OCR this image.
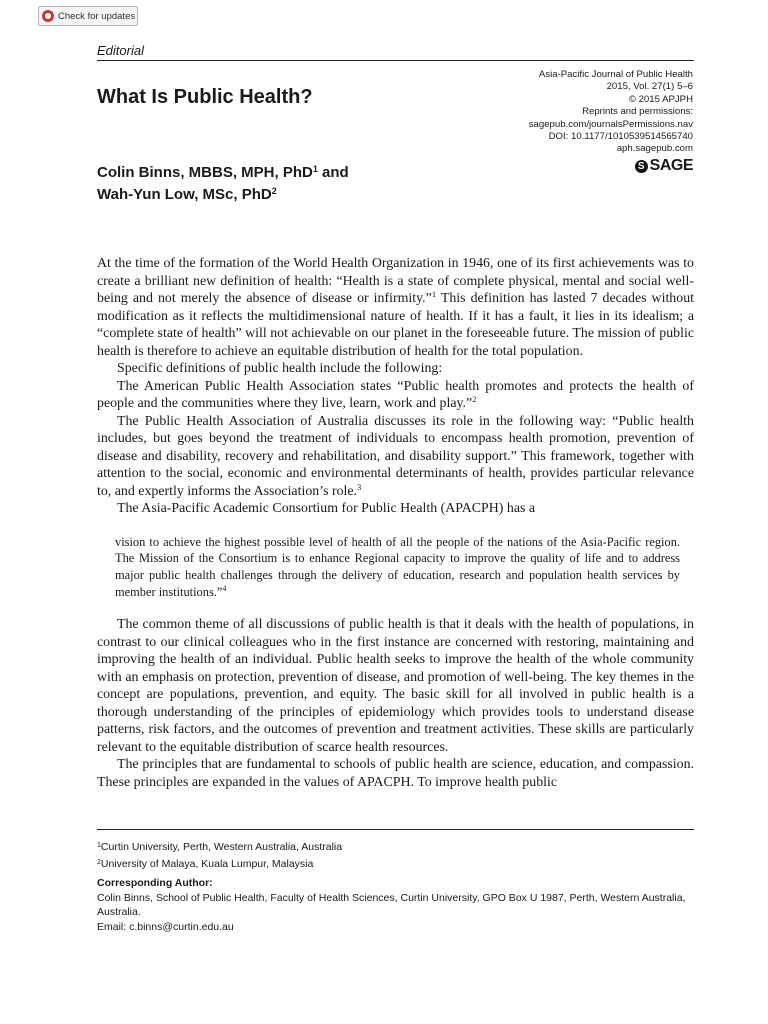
Check for updates
Editorial
What Is Public Health?
Asia-Pacific Journal of Public Health
2015, Vol. 27(1) 5–6
© 2015 APJPH
Reprints and permissions:
sagepub.com/journalsPermissions.nav
DOI: 10.1177/1010539514565740
aph.sagepub.com
S SAGE
Colin Binns, MBBS, MPH, PhD$^1$ and
Wah-Yun Low, MSc, PhD$^2$

At the time of the formation of the World Health Organization in 1946, one of its first achievements was to create a brilliant new definition of health: “Health is a state of complete physical, mental and social well-being and not merely the absence of disease or infirmity.”$^1$ This definition has lasted 7 decades without modification as it reflects the multidimensional nature of health. If it has a fault, it lies in its idealism; a “complete state of health” will not achievable on our planet in the foreseeable future. The mission of public health is therefore to achieve an equitable distribution of health for the total population.

Specific definitions of public health include the following:

The American Public Health Association states “Public health promotes and protects the health of people and the communities where they live, learn, work and play.”$^2$

The Public Health Association of Australia discusses its role in the following way: “Public health includes, but goes beyond the treatment of individuals to encompass health promotion, prevention of disease and disability, recovery and rehabilitation, and disability support.” This framework, together with attention to the social, economic and environmental determinants of health, provides particular relevance to, and expertly informs the Association’s role.$^3$

The Asia-Pacific Academic Consortium for Public Health (APACPH) has a

vision to achieve the highest possible level of health of all the people of the nations of the Asia-Pacific region. The Mission of the Consortium is to enhance Regional capacity to improve the quality of life and to address major public health challenges through the delivery of education, research and population health services by member institutions.”$^4$

The common theme of all discussions of public health is that it deals with the health of populations, in contrast to our clinical colleagues who in the first instance are concerned with restoring, maintaining and improving the health of an individual. Public health seeks to improve the health of the whole community with an emphasis on protection, prevention of disease, and promotion of well-being. The key themes in the concept are populations, prevention, and equity. The basic skill for all involved in public health is a thorough understanding of the principles of epidemiology which provides tools to understand disease patterns, risk factors, and the outcomes of prevention and treatment activities. These skills are particularly relevant to the equitable distribution of scarce health resources.

The principles that are fundamental to schools of public health are science, education, and compassion. These principles are expanded in the values of APACPH. To improve health public

$^1$Curtin University, Perth, Western Australia, Australia
$^2$University of Malaya, Kuala Lumpur, Malaysia
Corresponding Author:
Colin Binns, School of Public Health, Faculty of Health Sciences, Curtin University, GPO Box U 1987, Perth, Western Australia, Australia.
Email: c.binns@curtin.edu.au
